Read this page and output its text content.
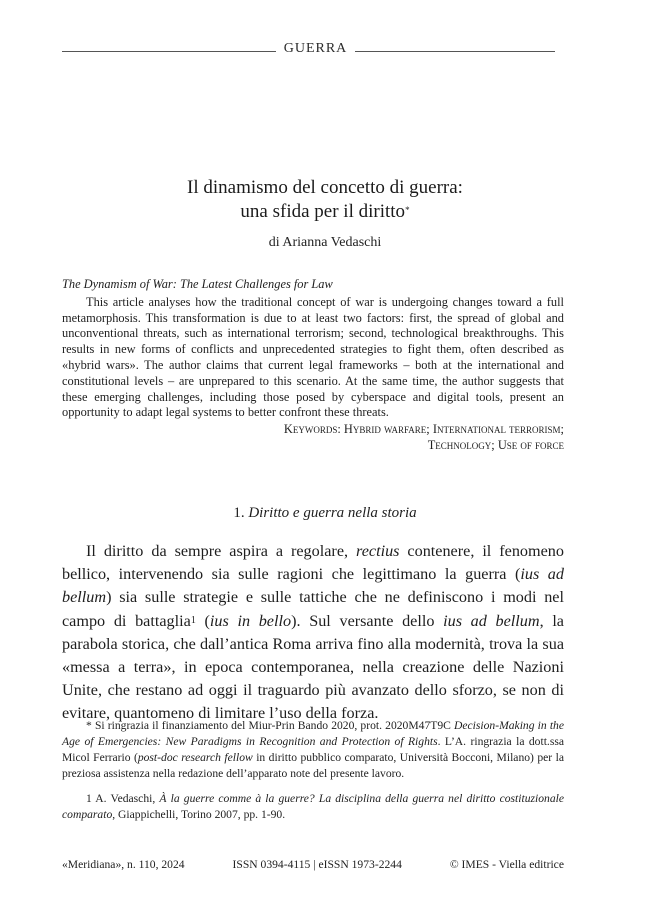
GUERRA
Il dinamismo del concetto di guerra:
una sfida per il diritto*
di Arianna Vedaschi

The Dynamism of War: The Latest Challenges for Law

This article analyses how the traditional concept of war is undergoing changes toward a full metamorphosis. This transformation is due to at least two factors: first, the spread of global and unconventional threats, such as international terrorism; second, technological breakthroughs. This results in new forms of conflicts and unprecedented strategies to fight them, often described as «hybrid wars». The author claims that current legal frameworks – both at the international and constitutional levels – are unprepared to this scenario. At the same time, the author suggests that these emerging challenges, including those posed by cyberspace and digital tools, present an opportunity to adapt legal systems to better confront these threats.

Keywords: Hybrid warfare; International terrorism;
Technology; Use of force
1. Diritto e guerra nella storia

Il diritto da sempre aspira a regolare, rectius contenere, il fenomeno bellico, intervenendo sia sulle ragioni che legittimano la guerra (ius ad bellum) sia sulle strategie e sulle tattiche che ne definiscono i modi nel campo di battaglia$^1$ (ius in bello). Sul versante dello ius ad bellum, la parabola storica, che dall’antica Roma arriva fino alla modernità, trova la sua «messa a terra», in epoca contemporanea, nella creazione delle Nazioni Unite, che restano ad oggi il traguardo più avanzato dello sforzo, se non di evitare, quantomeno di limitare l’uso della forza.

* Si ringrazia il finanziamento del Miur-Prin Bando 2020, prot. 2020M47T9C Decision-Making in the Age of Emergencies: New Paradigms in Recognition and Protection of Rights. L’A. ringrazia la dott.ssa Micol Ferrario (post-doc research fellow in diritto pubblico comparato, Università Bocconi, Milano) per la preziosa assistenza nella redazione dell’apparato note del presente lavoro.

1 A. Vedaschi, À la guerre comme à la guerre? La disciplina della guerra nel diritto costituzionale comparato, Giappichelli, Torino 2007, pp. 1-90.

«Meridiana», n. 110, 2024	ISSN 0394-4115 | eISSN 1973-2244	© IMES - Viella editrice
